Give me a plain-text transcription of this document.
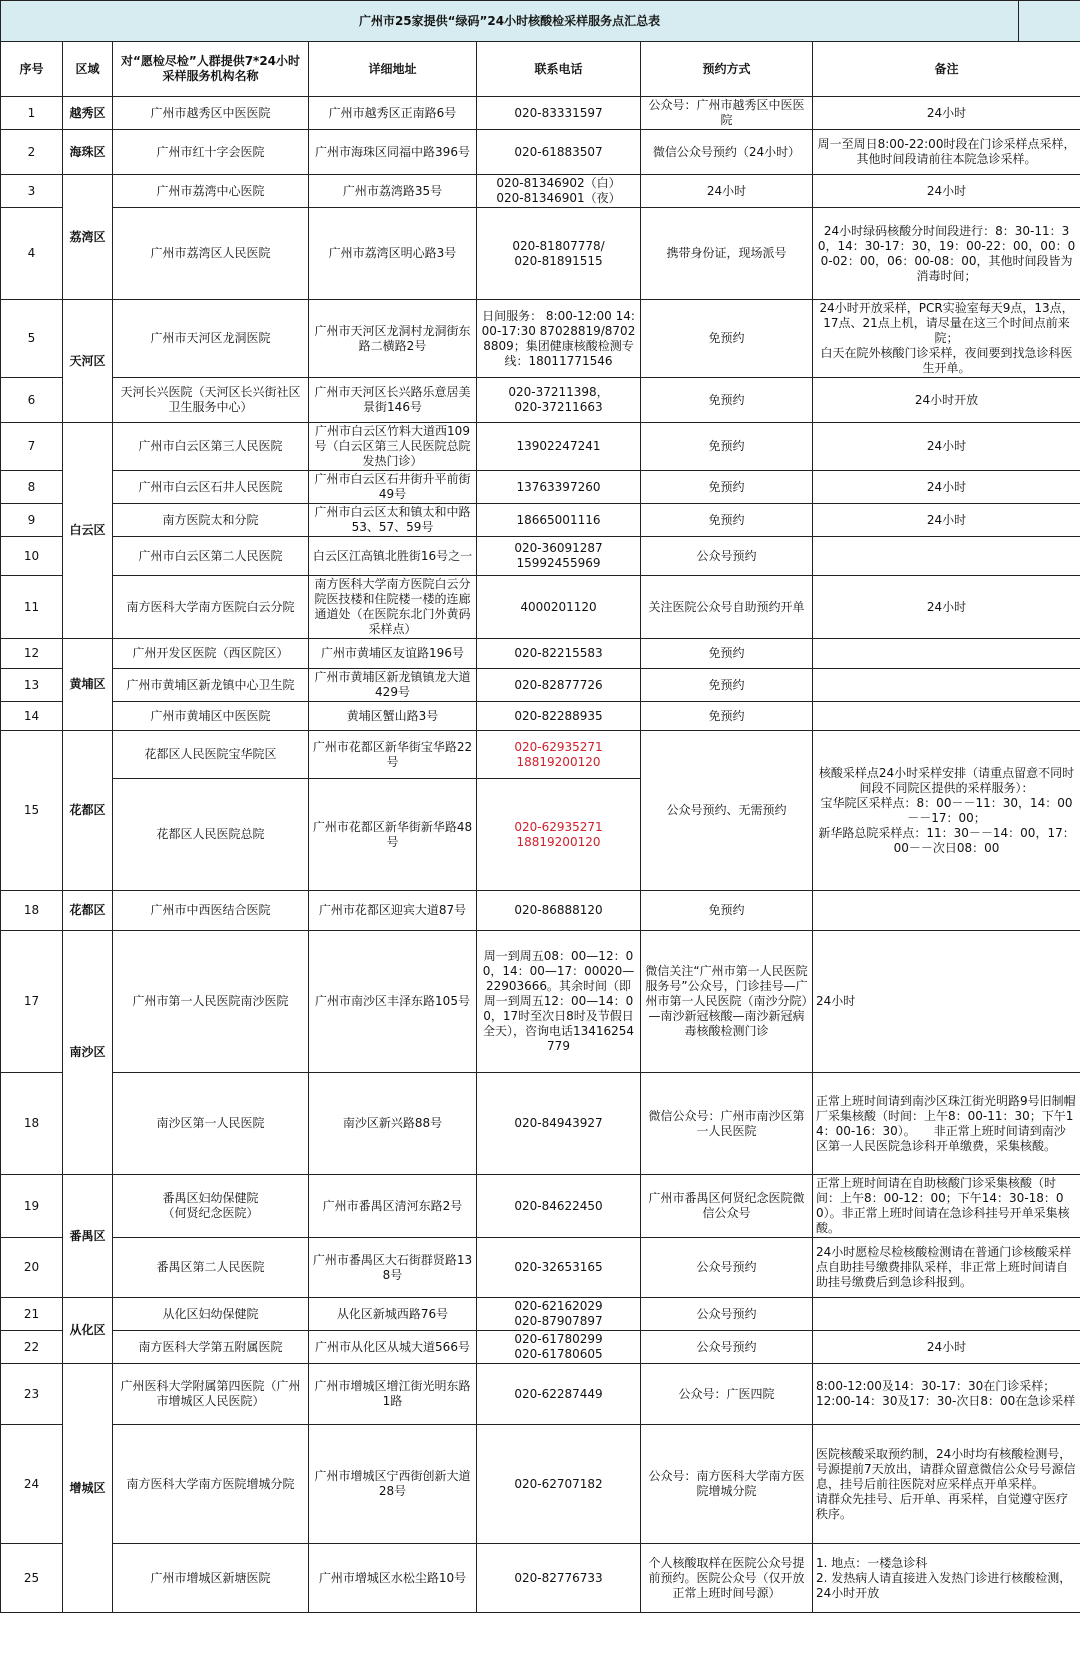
广州市25家提供“绿码”24小时核酸检采样服务点汇总表							
序号	区域	对“愿检尽检”人群提供7*24小时采样服务机构名称	详细地址	联系电话	预约方式	备注	
1	越秀区	广州市越秀区中医医院	广州市越秀区正南路6号	020-83331597	公众号：广州市越秀区中医医院	24小时	
2	海珠区	广州市红十字会医院	广州市海珠区同福中路396号	020-61883507	微信公众号预约（24小时）	周一至周日8:00-22:00时段在门诊采样点采样，其他时间段请前往本院急诊采样。	
3	荔湾区	广州市荔湾中心医院	广州市荔湾路35号	020-81346902（白）
020-81346901（夜）	24小时	24小时	
4		广州市荔湾区人民医院	广州市荔湾区明心路3号	020-81807778/
020-81891515	携带身份证，现场派号	24小时绿码核酸分时间段进行：8：30-11：30，14：30-17：30，19：00-22：00，00：00-02：00，06：00-08：00，其他时间段皆为消毒时间；	
5	天河区	广州市天河区龙洞医院	广州市天河区龙洞村龙洞街东路二横路2号	日间服务： 8:00-12:00 14:00-17:30 87028819/87028809；集团健康核酸检测专线：18011771546	免预约	24小时开放采样，PCR实验室每天9点，13点，17点、21点上机，请尽量在这三个时间点前来院；
白天在院外核酸门诊采样，夜间要到找急诊科医生开单。	
6		天河长兴医院（天河区长兴街社区卫生服务中心）	广州市天河区长兴路乐意居美景街146号	020-37211398，
020-37211663	免预约	24小时开放	
7	白云区	广州市白云区第三人民医院	广州市白云区竹料大道西109号（白云区第三人民医院总院发热门诊）	13902247241	免预约	24小时	
8		广州市白云区石井人民医院	广州市白云区石井街升平前街49号	13763397260	免预约	24小时	
9		南方医院太和分院	广州市白云区太和镇太和中路53、57、59号	18665001116	免预约	24小时	
10		广州市白云区第二人民医院	白云区江高镇北胜街16号之一	020-36091287
15992455969	公众号预约		
11		南方医科大学南方医院白云分院	南方医科大学南方医院白云分院医技楼和住院楼一楼的连廊通道处（在医院东北门外黄码采样点）	4000201120	关注医院公众号自助预约开单	24小时	
12	黄埔区	广州开发区医院（西区院区）	广州市黄埔区友谊路196号	020-82215583	免预约		
13		广州市黄埔区新龙镇中心卫生院	广州市黄埔区新龙镇镇龙大道429号	020-82877726	免预约		
14		广州市黄埔区中医医院	黄埔区蟹山路3号	020-82288935	免预约		
15	花都区	花都区人民医院宝华院区	广州市花都区新华街宝华路22号	020-62935271
18819200120	公众号预约、无需预约	核酸采样点24小时采样安排（请重点留意不同时间段不同院区提供的采样服务）：
宝华院区采样点：8：00－－11：30，14：00－－17：00；
新华路总院采样点：11：30－－14：00，17：00－－次日08：00	
		花都区人民医院总院	广州市花都区新华街新华路48号	020-62935271
18819200120			
18	花都区	广州市中西医结合医院	广州市花都区迎宾大道87号	020-86888120	免预约		
17	南沙区	广州市第一人民医院南沙医院	广州市南沙区丰泽东路105号	周一到周五08：00—12：00，14：00—17：00020—22903666。其余时间（即周一到周五12：00—14：00，17时至次日8时及节假日全天），咨询电话13416254779	微信关注“广州市第一人民医院服务号”公众号，门诊挂号—广州市第一人民医院（南沙分院）—南沙新冠核酸—南沙新冠病毒核酸检测门诊	24小时	
18		南沙区第一人民医院	南沙区新兴路88号	020-84943927	微信公众号：广州市南沙区第一人民医院	正常上班时间请到南沙区珠江街光明路9号旧制帽厂采集核酸（时间：上午8：00-11：30；下午14：00-16：30）。　　非正常上班时间请到南沙区第一人民医院急诊科开单缴费，采集核酸。	
19	番禺区	番禺区妇幼保健院
（何贤纪念医院）	广州市番禺区清河东路2号	020-84622450	广州市番禺区何贤纪念医院微信公众号	正常上班时间请在自助核酸门诊采集核酸（时间：上午8：00-12：00；下午14：30-18：00）。非正常上班时间请在急诊科挂号开单采集核酸。	
20		番禺区第二人民医院	广州市番禺区大石街群贤路138号	020-32653165	公众号预约	24小时愿检尽检核酸检测请在普通门诊核酸采样点自助挂号缴费排队采样，非正常上班时间请自助挂号缴费后到急诊科报到。	
21	从化区	从化区妇幼保健院	从化区新城西路76号	020-62162029
020-87907897	公众号预约		
22		南方医科大学第五附属医院	广州市从化区从城大道566号	020-61780299
020-61780605	公众号预约	24小时	
23	增城区	广州医科大学附属第四医院（广州市增城区人民医院）	广州市增城区增江街光明东路1路	020-62287449	公众号：广医四院	8:00-12:00及14：30-17：30在门诊采样；
12:00-14：30及17：30-次日8：00在急诊采样	
24		南方医科大学南方医院增城分院	广州市增城区宁西街创新大道28号	020-62707182	公众号：南方医科大学南方医院增城分院	医院核酸采取预约制，24小时均有核酸检测号，号源提前7天放出，请群众留意微信公众号号源信息，挂号后前往医院对应采样点开单采样。
请群众先挂号、后开单、再采样，自觉遵守医疗秩序。	
25		广州市增城区新塘医院	广州市增城区水松尘路10号	020-82776733	个人核酸取样在医院公众号提前预约。医院公众号（仅开放正常上班时间号源）	1. 地点：一楼急诊科
2. 发热病人请直接进入发热门诊进行核酸检测，24小时开放	
